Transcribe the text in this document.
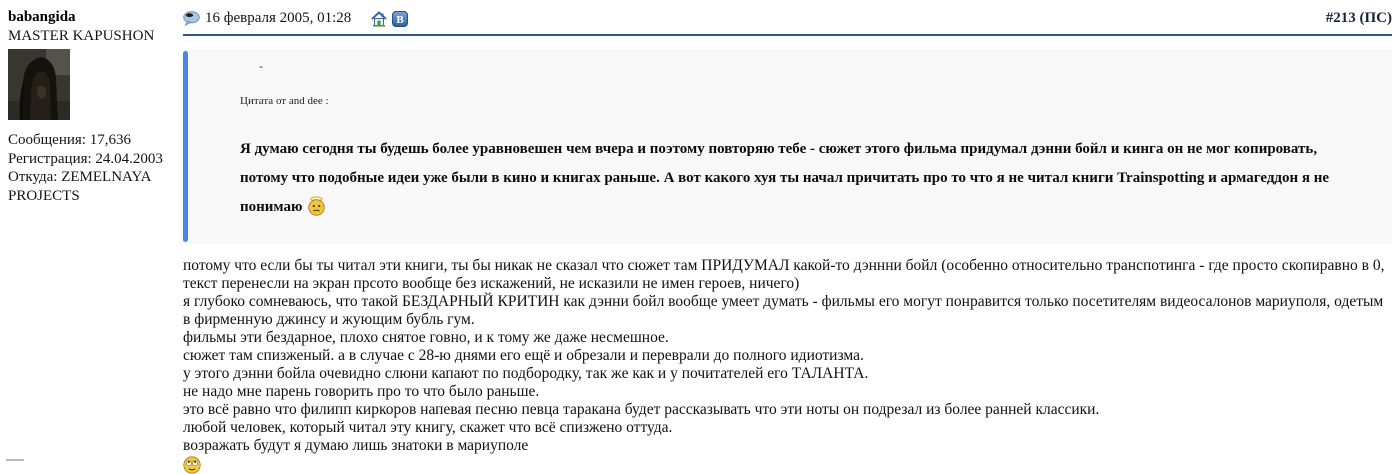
babangida
MASTER KAPUSHON
Сообщения: 17,636
Регистрация: 24.04.2003
Откуда: ZEMELNAYA PROJECTS
16 февраля 2005, 01:28	B	#213 (ПС)
-
Цитата от and dee :
Я думаю сегодня ты будешь более уравновешен чем вчера и поэтому повторяю тебе - сюжет этого фильма придумал дэнни бойл и кинга он не мог копировать, потому что подобные идеи уже были в кино и книгах раньше. А вот какого хуя ты начал причитать про то что я не читал книги Trainspotting и армагеддон я не понимаю
потому что если бы ты читал эти книги, ты бы никак не сказал что сюжет там ПРИДУМАЛ какой-то дэннни бойл (особенно относительно транспотинга - где просто скопиравно в 0, текст перенесли на экран прсото вообще без искажений, не исказили не имен героев, ничего)
я глубоко сомневаюсь, что такой БЕЗДАРНЫЙ КРИТИН как дэнни бойл вообще умеет думать - фильмы его могут понравится только посетителям видеосалонов мариуполя, одетым в фирменную джинсу и жующим бубль гум.
фильмы эти бездарное, плохо снятое говно, и к тому же даже несмешное.
сюжет там спизженый. а в случае с 28-ю днями его ещё и обрезали и переврали до полного идиотизма.
у этого дэнни бойла очевидно слюни капают по подбородку, так же как и у почитателей его ТАЛАНТА.
не надо мне парень говорить про то что было раньше.
это всё равно что филипп киркоров напевая песню певца таракана будет рассказывать что эти ноты он подрезал из более ранней классики.
любой человек, который читал эту книгу, скажет что всё спизжено оттуда.
возражать будут я думаю лишь знатоки в мариуполе
